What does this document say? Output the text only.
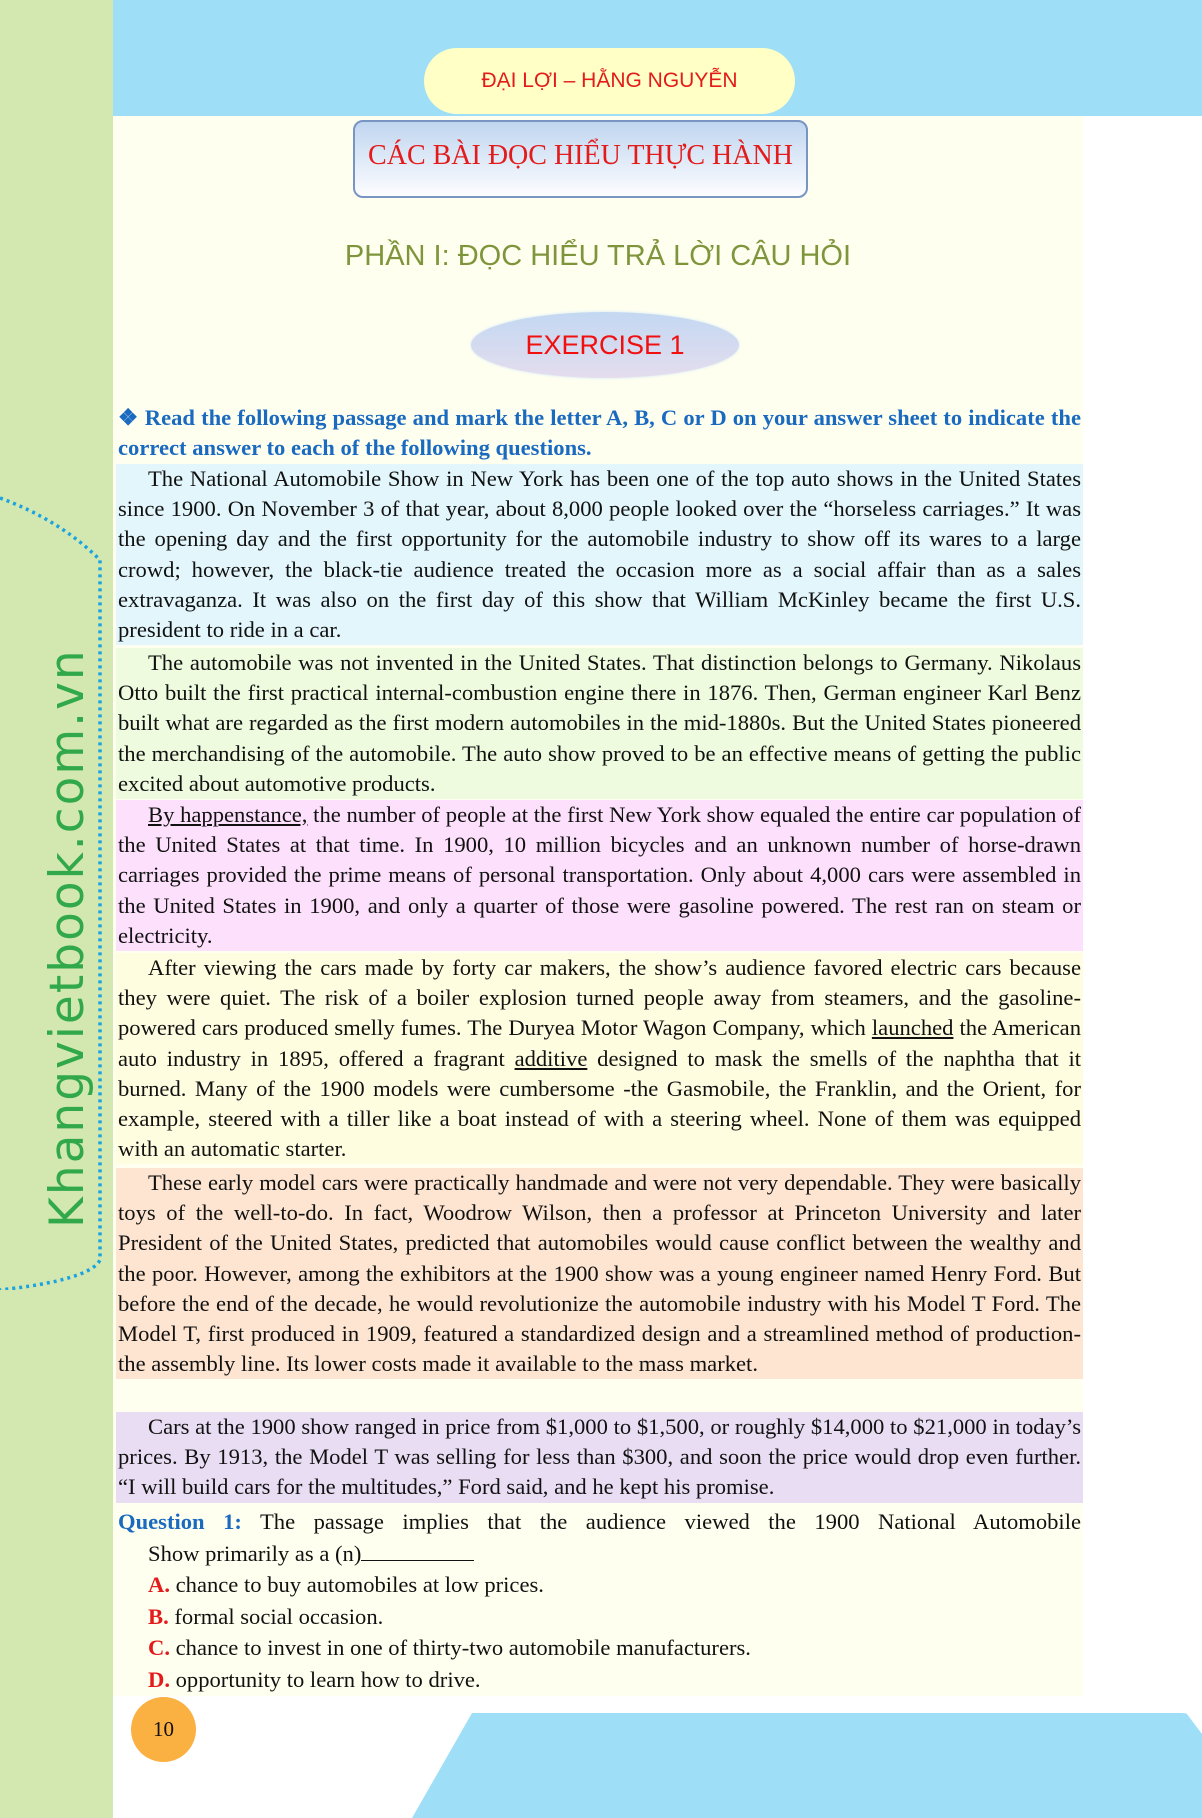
Khangvietbook.com.vn
ĐẠI LỢI – HẰNG NGUYỄN
CÁC BÀI ĐỌC HIỂU THỰC HÀNH
PHẦN I: ĐỌC HIỂU TRẢ LỜI CÂU HỎI
EXERCISE 1
❖ Read the following passage and mark the letter A, B, C or D on your answer sheet to indicate the correct answer to each of the following questions.
The National Automobile Show in New York has been one of the top auto shows in the United States since 1900. On November 3 of that year, about 8,000 people looked over the “horseless carriages.” It was the opening day and the first opportunity for the automobile industry to show off its wares to a large crowd; however, the black-tie audience treated the occasion more as a social affair than as a sales extravaganza. It was also on the first day of this show that William McKinley became the first U.S. president to ride in a car.
The automobile was not invented in the United States. That distinction belongs to Germany. Nikolaus Otto built the first practical internal-combustion engine there in 1876. Then, German engineer Karl Benz built what are regarded as the first modern automobiles in the mid-1880s. But the United States pioneered the merchandising of the automobile. The auto show proved to be an effective means of getting the public excited about automotive products.
By happenstance, the number of people at the first New York show equaled the entire car population of the United States at that time. In 1900, 10 million bicycles and an unknown number of horse-drawn carriages provided the prime means of personal transportation. Only about 4,000 cars were assembled in the United States in 1900, and only a quarter of those were gasoline powered. The rest ran on steam or electricity.
After viewing the cars made by forty car makers, the show’s audience favored electric cars because they were quiet. The risk of a boiler explosion turned people away from steamers, and the gasoline- powered cars produced smelly fumes. The Duryea Motor Wagon Company, which launched the American auto industry in 1895, offered a fragrant additive designed to mask the smells of the naphtha that it burned. Many of the 1900 models were cumbersome -the Gasmobile, the Franklin, and the Orient, for example, steered with a tiller like a boat instead of with a steering wheel. None of them was equipped with an automatic starter.
These early model cars were practically handmade and were not very dependable. They were basically toys of the well-to-do. In fact, Woodrow Wilson, then a professor at Princeton University and later President of the United States, predicted that automobiles would cause conflict between the wealthy and the poor. However, among the exhibitors at the 1900 show was a young engineer named Henry Ford. But before the end of the decade, he would revolutionize the automobile industry with his Model T Ford. The Model T, first produced in 1909, featured a standardized design and a streamlined method of production-the assembly line. Its lower costs made it available to the mass market.
Cars at the 1900 show ranged in price from $1,000 to $1,500, or roughly $14,000 to $21,000 in today’s prices. By 1913, the Model T was selling for less than $300, and soon the price would drop even further. “I will build cars for the multitudes,” Ford said, and he kept his promise.
Question 1: The passage implies that the audience viewed the 1900 National Automobile
Show primarily as a (n)
A. chance to buy automobiles at low prices.
B. formal social occasion.
C. chance to invest in one of thirty-two automobile manufacturers.
D. opportunity to learn how to drive.
10
